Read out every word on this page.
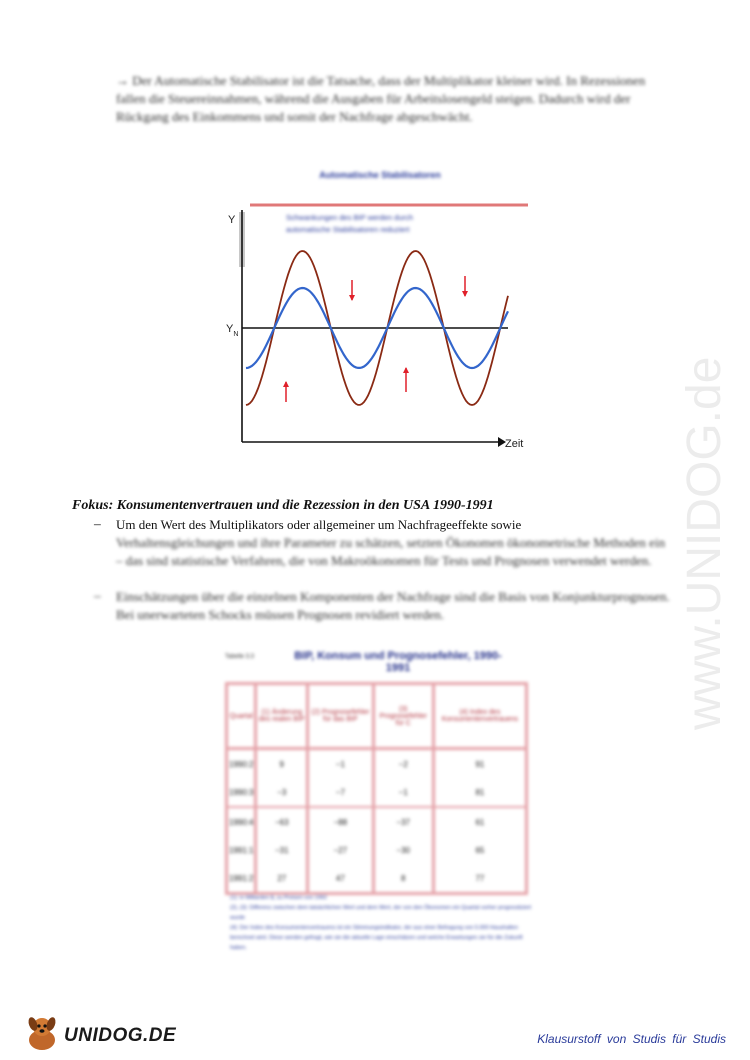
→ Der Automatische Stabilisator ist die Tatsache, dass der Multiplikator kleiner wird. In Rezessionen fallen die Steuereinnahmen, während die Ausgaben für Arbeitslosengeld steigen. Dadurch wird der Rückgang des Einkommens und somit der Nachfrage abgeschwächt.
www.UNIDOG.de
Automatische Stabilisatoren
Y
Zeit
$Y_N$
Schwankungen des BIP werden durch
automatische Stabilisatoren reduziert
Fokus: Konsumentenvertrauen und die Rezession in den USA 1990-1991
– Um den Wert des Multiplikators oder allgemeiner um Nachfrageeffekte sowie
Verhaltensgleichungen und ihre Parameter zu schätzen, setzten Ökonomen ökonometrische Methoden ein – das sind statistische Verfahren, die von Makroökonomen für Tests und Prognosen verwendet werden.
– Einschätzungen über die einzelnen Komponenten der Nachfrage sind die Basis von Konjunkturprognosen. Bei unerwarteten Schocks müssen Prognosen revidiert werden.
Tabelle 3.3	BIP, Konsum und Prognosefehler, 1990-1991
Quartal	(1) Änderung des realen BIP	(2) Prognosefehler für das BIP	(3) Prognosefehler für C	(4) Index des Konsumentenvertrauens
1990:2	9	−1	−2	91
1990:3	−3	−7	−1	81
1990:4	−63	−88	−37	61
1991:1	−31	−27	−30	65
1991:2	27	47	8	77
(1): in Milliarden $, zu Preisen von 1992
(2), (3): Differenz zwischen dem tatsächlichen Wert und dem Wert, der von den Ökonomen ein Quartal vorher prognostiziert wurde
(4): Der Index des Konsumentenvertrauens ist ein Stimmungsindikator, der aus einer Befragung von 5.000 Haushalten berechnet wird. Diese werden gefragt, wie sie die aktuelle Lage einschätzen und welche Erwartungen sie für die Zukunft haben.
UNIDOG.DE	Klausurstoff von Studis für Studis
